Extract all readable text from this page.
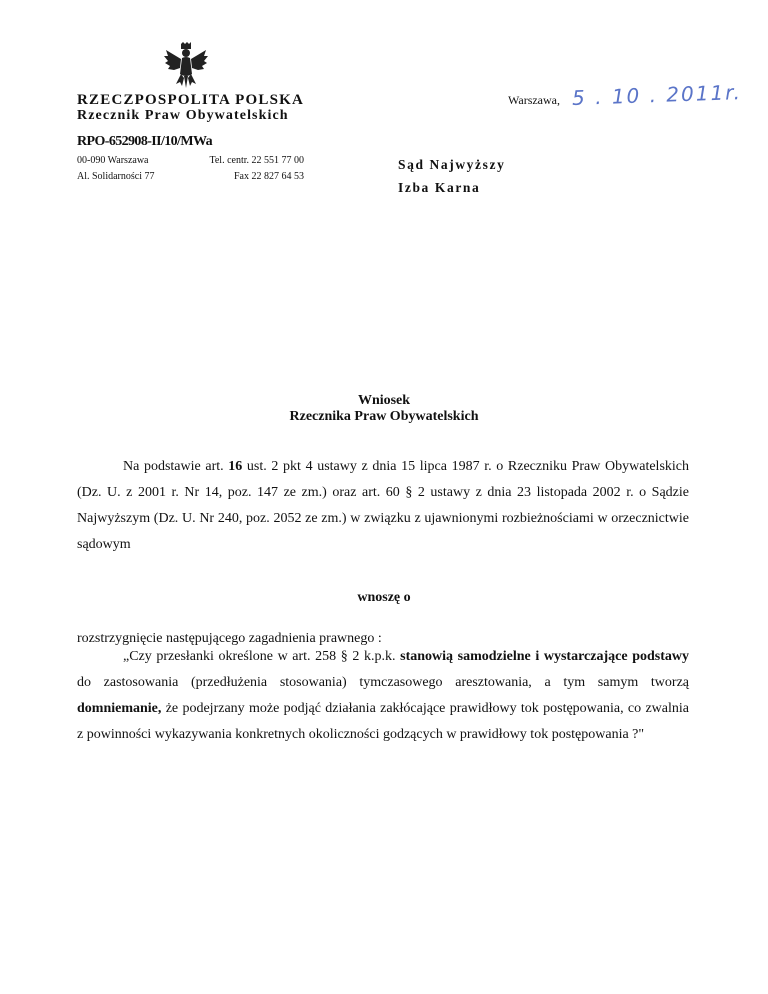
RZECZPOSPOLITA POLSKA
Rzecznik Praw Obywatelskich
RPO-652908-II/10/MWa
00-090 Warszawa
Al. Solidarności 77
Tel. centr. 22 551 77 00
Fax 22 827 64 53
Warszawa, 5 . 10 . 2011r.
Sąd Najwyższy
Izba Karna
Wniosek
Rzecznika Praw Obywatelskich
Na podstawie art. 16 ust. 2 pkt 4 ustawy z dnia 15 lipca 1987 r. o Rzeczniku Praw Obywatelskich (Dz. U. z 2001 r. Nr 14, poz. 147 ze zm.) oraz art. 60 § 2 ustawy z dnia 23 listopada 2002 r. o Sądzie Najwyższym (Dz. U. Nr 240, poz. 2052 ze zm.) w związku z ujawnionymi rozbieżnościami w orzecznictwie sądowym
wnoszę o
rozstrzygnięcie następującego zagadnienia prawnego :
„Czy przesłanki określone w art. 258 § 2 k.p.k. stanowią samodzielne i wystarczające podstawy do zastosowania (przedłużenia stosowania) tymczasowego aresztowania, a tym samym tworzą domniemanie, że podejrzany może podjąć działania zakłócające prawidłowy tok postępowania, co zwalnia z powinności wykazywania konkretnych okoliczności godzących w prawidłowy tok postępowania ?"
